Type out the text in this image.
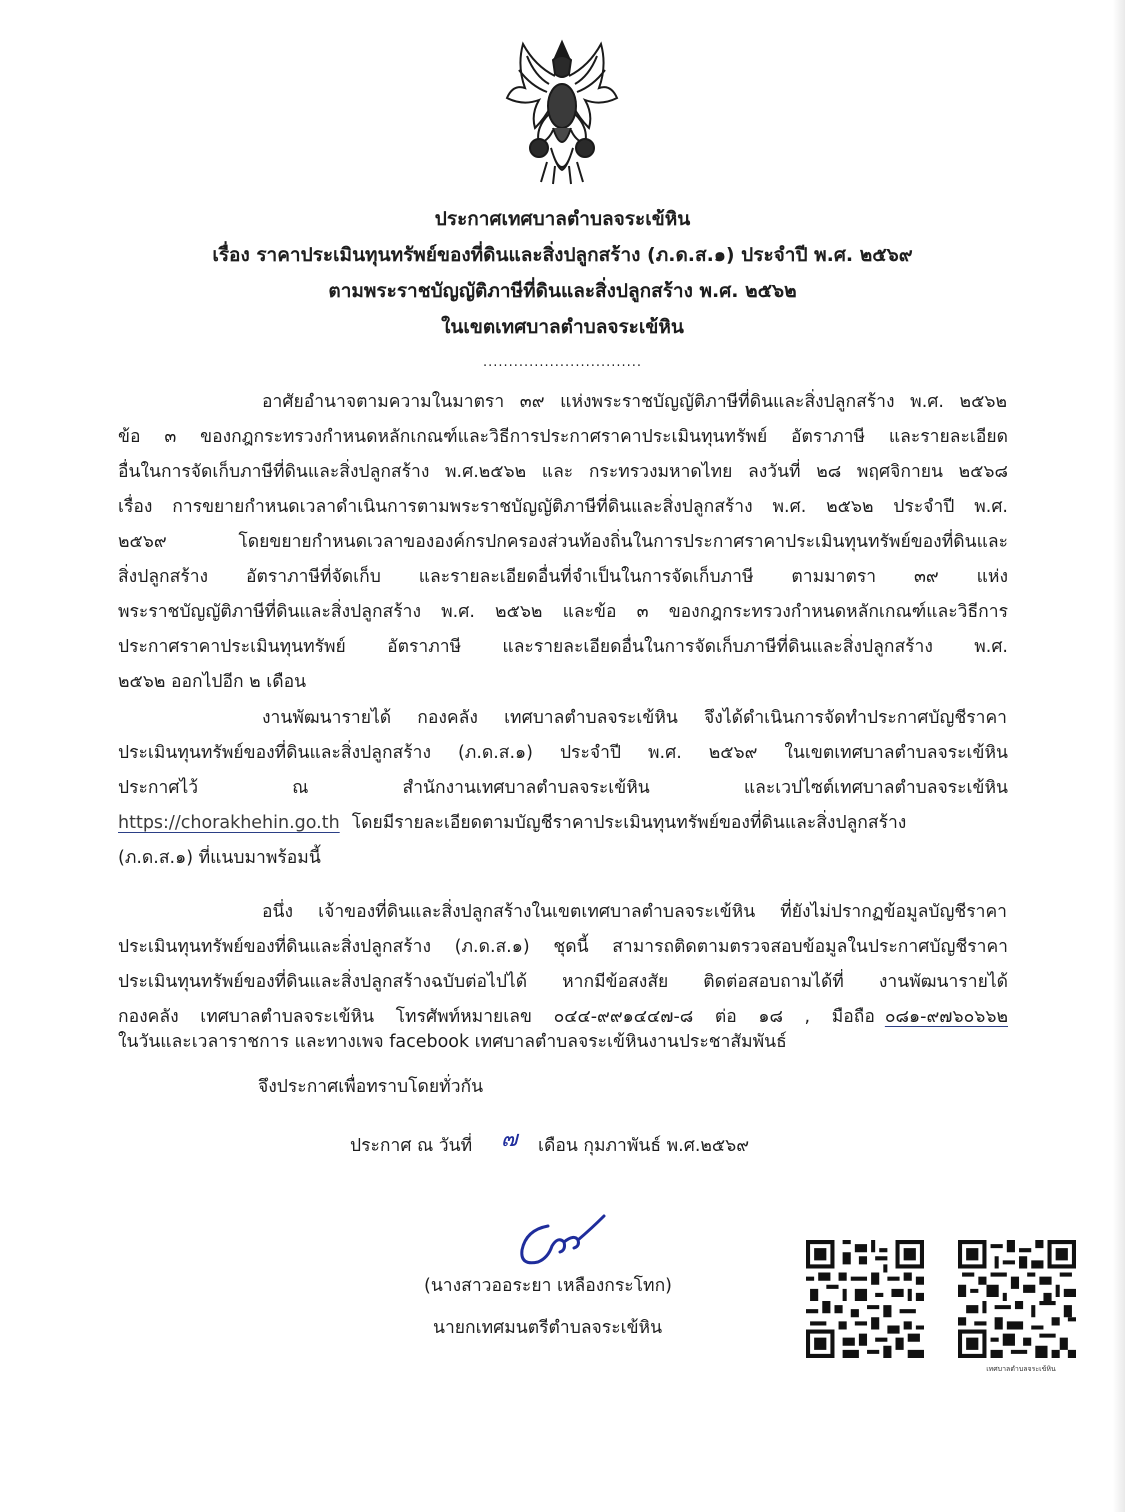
ประกาศเทศบาลตำบลจระเข้หิน
เรื่อง ราคาประเมินทุนทรัพย์ของที่ดินและสิ่งปลูกสร้าง (ภ.ด.ส.๑) ประจำปี พ.ศ. ๒๕๖๙
ตามพระราชบัญญัติภาษีที่ดินและสิ่งปลูกสร้าง พ.ศ. ๒๕๖๒
ในเขตเทศบาลตำบลจระเข้หิน
...............................
อาศัยอำนาจตามความในมาตรา ๓๙ แห่งพระราชบัญญัติภาษีที่ดินและสิ่งปลูกสร้าง พ.ศ. ๒๕๖๒
ข้อ ๓ ของกฎกระทรวงกำหนดหลักเกณฑ์และวิธีการประกาศราคาประเมินทุนทรัพย์ อัตราภาษี และรายละเอียด
อื่นในการจัดเก็บภาษีที่ดินและสิ่งปลูกสร้าง พ.ศ.๒๕๖๒ และ กระทรวงมหาดไทย ลงวันที่ ๒๘ พฤศจิกายน ๒๕๖๘
เรื่อง การขยายกำหนดเวลาดำเนินการตามพระราชบัญญัติภาษีที่ดินและสิ่งปลูกสร้าง พ.ศ. ๒๕๖๒ ประจำปี พ.ศ.
๒๕๖๙ โดยขยายกำหนดเวลาขององค์กรปกครองส่วนท้องถิ่นในการประกาศราคาประเมินทุนทรัพย์ของที่ดินและ
สิ่งปลูกสร้าง อัตราภาษีที่จัดเก็บ และรายละเอียดอื่นที่จำเป็นในการจัดเก็บภาษี ตามมาตรา ๓๙ แห่ง
พระราชบัญญัติภาษีที่ดินและสิ่งปลูกสร้าง พ.ศ. ๒๕๖๒ และข้อ ๓ ของกฎกระทรวงกำหนดหลักเกณฑ์และวิธีการ
ประกาศราคาประเมินทุนทรัพย์ อัตราภาษี และรายละเอียดอื่นในการจัดเก็บภาษีที่ดินและสิ่งปลูกสร้าง พ.ศ.
๒๕๖๒ ออกไปอีก ๒ เดือน
งานพัฒนารายได้ กองคลัง เทศบาลตำบลจระเข้หิน จึงได้ดำเนินการจัดทำประกาศบัญชีราคา
ประเมินทุนทรัพย์ของที่ดินและสิ่งปลูกสร้าง (ภ.ด.ส.๑) ประจำปี พ.ศ. ๒๕๖๙ ในเขตเทศบาลตำบลจระเข้หิน
ประกาศไว้ ณ สำนักงานเทศบาลตำบลจระเข้หิน และเวปไซต์เทศบาลตำบลจระเข้หิน
https://chorakhehin.go.th โดยมีรายละเอียดตามบัญชีราคาประเมินทุนทรัพย์ของที่ดินและสิ่งปลูกสร้าง
(ภ.ด.ส.๑) ที่แนบมาพร้อมนี้
อนึ่ง เจ้าของที่ดินและสิ่งปลูกสร้างในเขตเทศบาลตำบลจระเข้หิน ที่ยังไม่ปรากฏข้อมูลบัญชีราคา
ประเมินทุนทรัพย์ของที่ดินและสิ่งปลูกสร้าง (ภ.ด.ส.๑) ชุดนี้ สามารถติดตามตรวจสอบข้อมูลในประกาศบัญชีราคา
ประเมินทุนทรัพย์ของที่ดินและสิ่งปลูกสร้างฉบับต่อไปได้ หากมีข้อสงสัย ติดต่อสอบถามได้ที่ งานพัฒนารายได้
กองคลัง เทศบาลตำบลจระเข้หิน โทรศัพท์หมายเลข ๐๔๔-๙๙๑๔๔๗-๘ ต่อ ๑๘ , มือถือ ๐๘๑-๙๗๖๐๖๖๒
ในวันและเวลาราชการ และทางเพจ facebook เทศบาลตำบลจระเข้หินงานประชาสัมพันธ์
จึงประกาศเพื่อทราบโดยทั่วกัน
ประกาศ ณ วันที่ ๗ เดือน กุมภาพันธ์ พ.ศ.๒๕๖๙
(นางสาวออระยา เหลืองกระโทก)
นายกเทศมนตรีตำบลจระเข้หิน
เทศบาลตำบลจระเข้หิน
